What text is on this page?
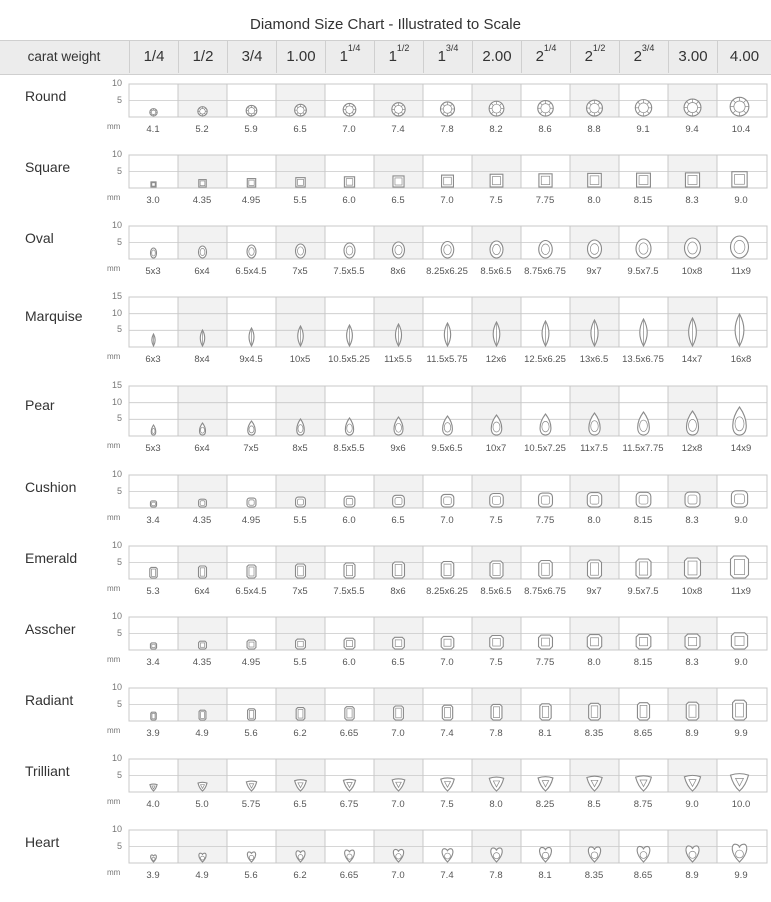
Diamond Size Chart - Illustrated to Scale
carat weight	1/4	1/2	3/4	1.00	$1^{1/4}$	$1^{1/2}$	$1^{3/4}$	2.00	$2^{1/4}$	$2^{1/2}$	$2^{3/4}$	3.00	4.00
Round
10
5
mm	4.1	5.2	5.9	6.5	7.0	7.4	7.8	8.2	8.6	8.8	9.1	9.4	10.4
Square
10
5
mm	3.0	4.35	4.95	5.5	6.0	6.5	7.0	7.5	7.75	8.0	8.15	8.3	9.0
Oval
10
5
mm	5x3	6x4	6.5x4.5	7x5	7.5x5.5	8x6	8.25x6.25	8.5x6.5	8.75x6.75	9x7	9.5x7.5	10x8	11x9
Marquise
15
10
5
mm	6x3	8x4	9x4.5	10x5	10.5x5.25	11x5.5	11.5x5.75	12x6	12.5x6.25	13x6.5	13.5x6.75	14x7	16x8
Pear
15
10
5
mm	5x3	6x4	7x5	8x5	8.5x5.5	9x6	9.5x6.5	10x7	10.5x7.25	11x7.5	11.5x7.75	12x8	14x9
Cushion
10
5
mm	3.4	4.35	4.95	5.5	6.0	6.5	7.0	7.5	7.75	8.0	8.15	8.3	9.0
Emerald
10
5
mm	5.3	6x4	6.5x4.5	7x5	7.5x5.5	8x6	8.25x6.25	8.5x6.5	8.75x6.75	9x7	9.5x7.5	10x8	11x9
Asscher
10
5
mm	3.4	4.35	4.95	5.5	6.0	6.5	7.0	7.5	7.75	8.0	8.15	8.3	9.0
Radiant
10
5
mm	3.9	4.9	5.6	6.2	6.65	7.0	7.4	7.8	8.1	8.35	8.65	8.9	9.9
Trilliant
10
5
mm	4.0	5.0	5.75	6.5	6.75	7.0	7.5	8.0	8.25	8.5	8.75	9.0	10.0
Heart
10
5
mm	3.9	4.9	5.6	6.2	6.65	7.0	7.4	7.8	8.1	8.35	8.65	8.9	9.9
